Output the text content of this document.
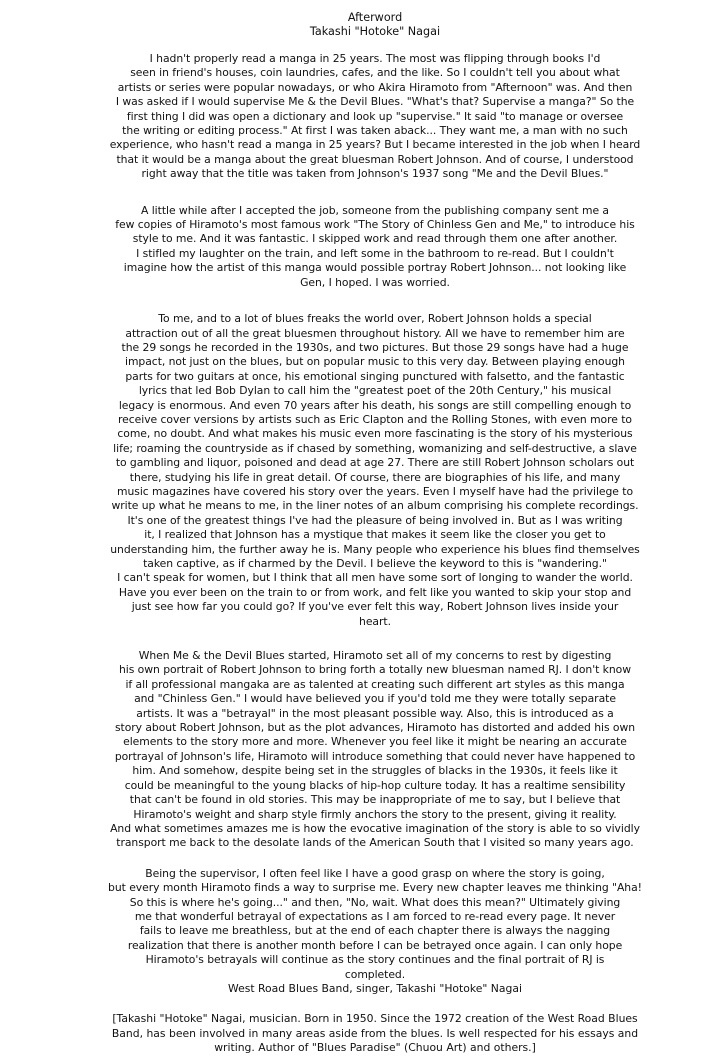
Afterword
Takashi "Hotoke" Nagai
I hadn't properly read a manga in 25 years. The most was flipping through books I'd
seen in friend's houses, coin laundries, cafes, and the like. So I couldn't tell you about what
artists or series were popular nowadays, or who Akira Hiramoto from "Afternoon" was. And then
I was asked if I would supervise Me & the Devil Blues. "What's that? Supervise a manga?" So the
first thing I did was open a dictionary and look up "supervise." It said "to manage or oversee
the writing or editing process." At first I was taken aback... They want me, a man with no such
experience, who hasn't read a manga in 25 years? But I became interested in the job when I heard
that it would be a manga about the great bluesman Robert Johnson. And of course, I understood
right away that the title was taken from Johnson's 1937 song "Me and the Devil Blues."
A little while after I accepted the job, someone from the publishing company sent me a
few copies of Hiramoto's most famous work "The Story of Chinless Gen and Me," to introduce his
style to me. And it was fantastic. I skipped work and read through them one after another.
I stifled my laughter on the train, and left some in the bathroom to re-read. But I couldn't
imagine how the artist of this manga would possible portray Robert Johnson... not looking like
Gen, I hoped. I was worried.
To me, and to a lot of blues freaks the world over, Robert Johnson holds a special
attraction out of all the great bluesmen throughout history. All we have to remember him are
the 29 songs he recorded in the 1930s, and two pictures. But those 29 songs have had a huge
impact, not just on the blues, but on popular music to this very day. Between playing enough
parts for two guitars at once, his emotional singing punctured with falsetto, and the fantastic
lyrics that led Bob Dylan to call him the "greatest poet of the 20th Century," his musical
legacy is enormous. And even 70 years after his death, his songs are still compelling enough to
receive cover versions by artists such as Eric Clapton and the Rolling Stones, with even more to
come, no doubt. And what makes his music even more fascinating is the story of his mysterious
life; roaming the countryside as if chased by something, womanizing and self-destructive, a slave
to gambling and liquor, poisoned and dead at age 27. There are still Robert Johnson scholars out
there, studying his life in great detail. Of course, there are biographies of his life, and many
music magazines have covered his story over the years. Even I myself have had the privilege to
write up what he means to me, in the liner notes of an album comprising his complete recordings.
It's one of the greatest things I've had the pleasure of being involved in. But as I was writing
it, I realized that Johnson has a mystique that makes it seem like the closer you get to
understanding him, the further away he is. Many people who experience his blues find themselves
taken captive, as if charmed by the Devil. I believe the keyword to this is "wandering."
I can't speak for women, but I think that all men have some sort of longing to wander the world.
Have you ever been on the train to or from work, and felt like you wanted to skip your stop and
just see how far you could go? If you've ever felt this way, Robert Johnson lives inside your
heart.
When Me & the Devil Blues started, Hiramoto set all of my concerns to rest by digesting
his own portrait of Robert Johnson to bring forth a totally new bluesman named RJ. I don't know
if all professional mangaka are as talented at creating such different art styles as this manga
and "Chinless Gen." I would have believed you if you'd told me they were totally separate
artists. It was a "betrayal" in the most pleasant possible way. Also, this is introduced as a
story about Robert Johnson, but as the plot advances, Hiramoto has distorted and added his own
elements to the story more and more. Whenever you feel like it might be nearing an accurate
portrayal of Johnson's life, Hiramoto will introduce something that could never have happened to
him. And somehow, despite being set in the struggles of blacks in the 1930s, it feels like it
could be meaningful to the young blacks of hip-hop culture today. It has a realtime sensibility
that can't be found in old stories. This may be inappropriate of me to say, but I believe that
Hiramoto's weight and sharp style firmly anchors the story to the present, giving it reality.
And what sometimes amazes me is how the evocative imagination of the story is able to so vividly
transport me back to the desolate lands of the American South that I visited so many years ago.
Being the supervisor, I often feel like I have a good grasp on where the story is going,
but every month Hiramoto finds a way to surprise me. Every new chapter leaves me thinking "Aha!
So this is where he's going..." and then, "No, wait. What does this mean?" Ultimately giving
me that wonderful betrayal of expectations as I am forced to re-read every page. It never
fails to leave me breathless, but at the end of each chapter there is always the nagging
realization that there is another month before I can be betrayed once again. I can only hope
Hiramoto's betrayals will continue as the story continues and the final portrait of RJ is
completed.
West Road Blues Band, singer, Takashi "Hotoke" Nagai
[Takashi "Hotoke" Nagai, musician. Born in 1950. Since the 1972 creation of the West Road Blues
Band, has been involved in many areas aside from the blues. Is well respected for his essays and
writing. Author of "Blues Paradise" (Chuou Art) and others.]
